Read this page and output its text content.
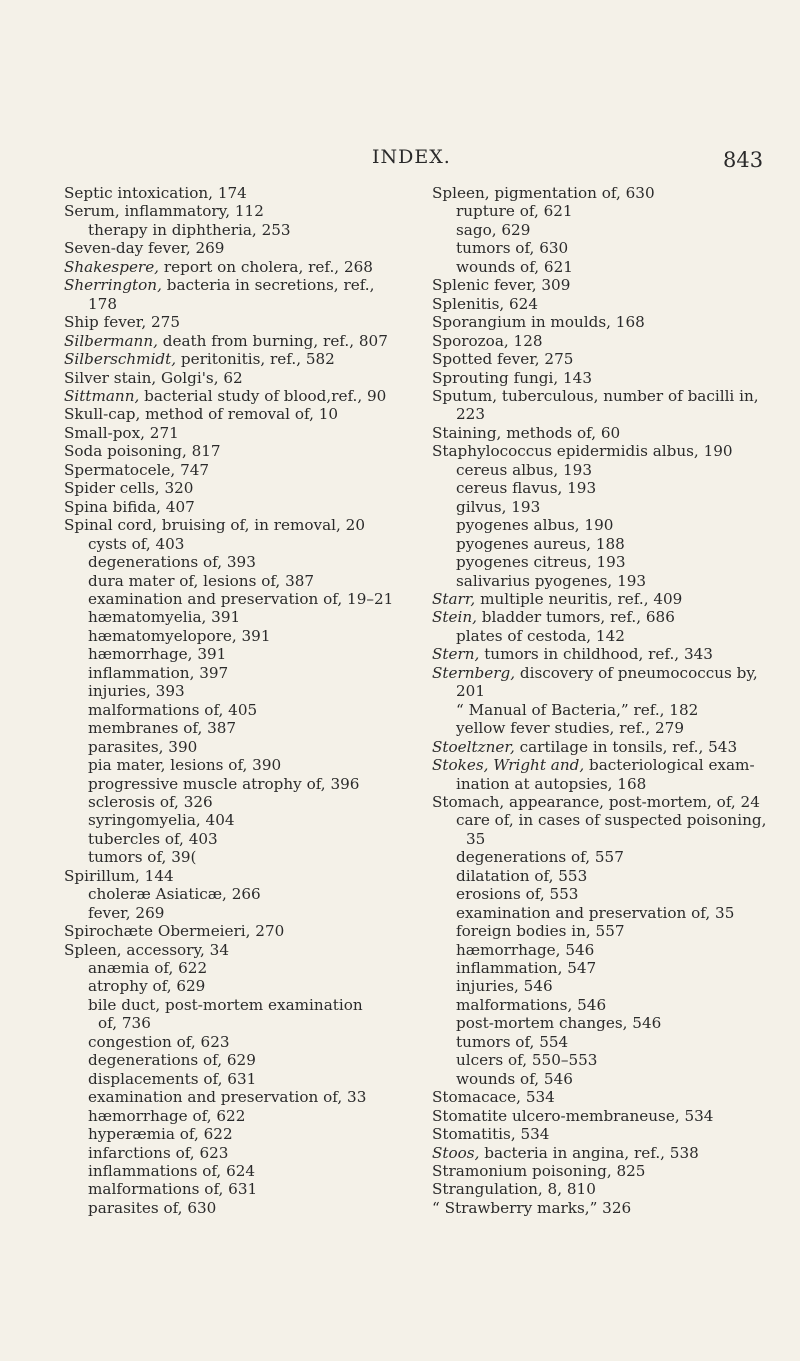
INDEX.	843
Septic intoxication, 174
Serum, inflammatory, 112
therapy in diphtheria, 253
Seven-day fever, 269
Shakespere, report on cholera, ref., 268
Sherrington, bacteria in secretions, ref.,
178
Ship fever, 275
Silbermann, death from burning, ref., 807
Silberschmidt, peritonitis, ref., 582
Silver stain, Golgi's, 62
Sittmann, bacterial study of blood,ref., 90
Skull-cap, method of removal of, 10
Small-pox, 271
Soda poisoning, 817
Spermatocele, 747
Spider cells, 320
Spina bifida, 407
Spinal cord, bruising of, in removal, 20
cysts of, 403
degenerations of, 393
dura mater of, lesions of, 387
examination and preservation of, 19–21
hæmatomyelia, 391
hæmatomyelopore, 391
hæmorrhage, 391
inflammation, 397
injuries, 393
malformations of, 405
membranes of, 387
parasites, 390
pia mater, lesions of, 390
progressive muscle atrophy of, 396
sclerosis of, 326
syringomyelia, 404
tubercles of, 403
tumors of, 39(
Spirillum, 144
choleræ Asiaticæ, 266
fever, 269
Spirochæte Obermeieri, 270
Spleen, accessory, 34
anæmia of, 622
atrophy of, 629
bile duct, post-mortem examination
of, 736
congestion of, 623
degenerations of, 629
displacements of, 631
examination and preservation of, 33
hæmorrhage of, 622
hyperæmia of, 622
infarctions of, 623
inflammations of, 624
malformations of, 631
parasites of, 630
Spleen, pigmentation of, 630
rupture of, 621
sago, 629
tumors of, 630
wounds of, 621
Splenic fever, 309
Splenitis, 624
Sporangium in moulds, 168
Sporozoa, 128
Spotted fever, 275
Sprouting fungi, 143
Sputum, tuberculous, number of bacilli in,
223
Staining, methods of, 60
Staphylococcus epidermidis albus, 190
cereus albus, 193
cereus flavus, 193
gilvus, 193
pyogenes albus, 190
pyogenes aureus, 188
pyogenes citreus, 193
salivarius pyogenes, 193
Starr, multiple neuritis, ref., 409
Stein, bladder tumors, ref., 686
plates of cestoda, 142
Stern, tumors in childhood, ref., 343
Sternberg, discovery of pneumococcus by,
201
“ Manual of Bacteria,” ref., 182
yellow fever studies, ref., 279
Stoeltzner, cartilage in tonsils, ref., 543
Stokes, Wright and, bacteriological exam-
ination at autopsies, 168
Stomach, appearance, post-mortem, of, 24
care of, in cases of suspected poisoning,
35
degenerations of, 557
dilatation of, 553
erosions of, 553
examination and preservation of, 35
foreign bodies in, 557
hæmorrhage, 546
inflammation, 547
injuries, 546
malformations, 546
post-mortem changes, 546
tumors of, 554
ulcers of, 550–553
wounds of, 546
Stomacace, 534
Stomatite ulcero-membraneuse, 534
Stomatitis, 534
Stoos, bacteria in angina, ref., 538
Stramonium poisoning, 825
Strangulation, 8, 810
“ Strawberry marks,” 326
